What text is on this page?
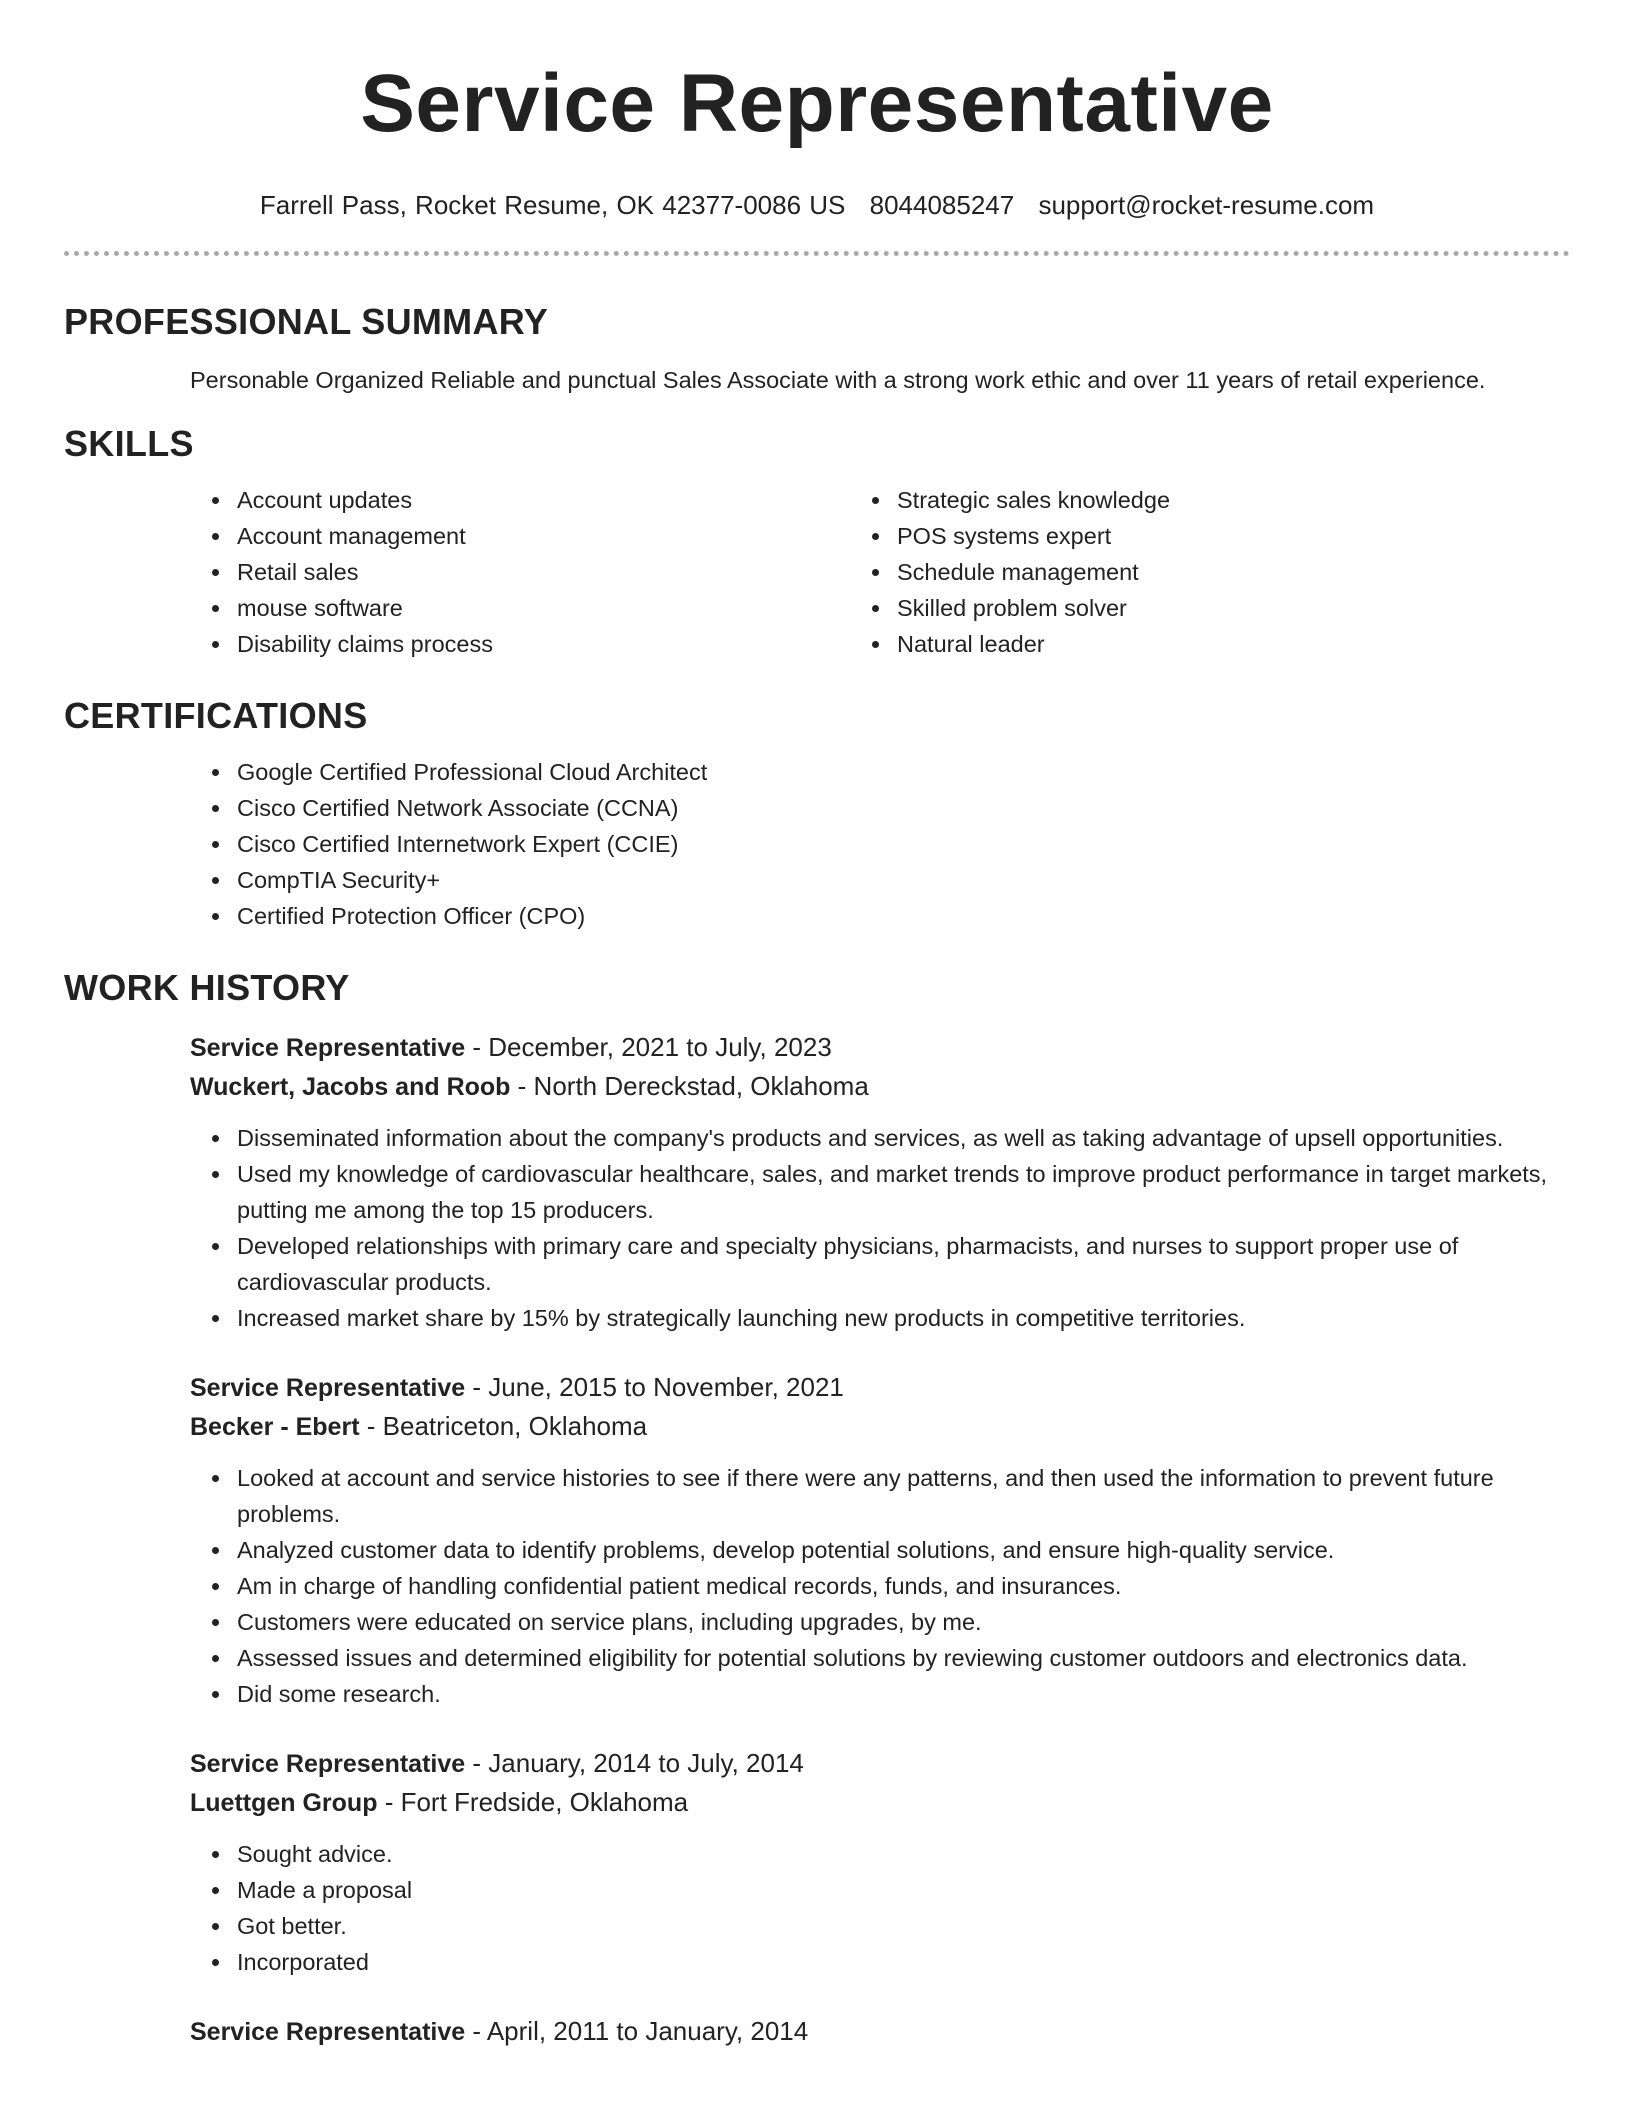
Service Representative
Farrell Pass, Rocket Resume, OK 42377-0086 US 8044085247 support@rocket-resume.com
PROFESSIONAL SUMMARY

Personable Organized Reliable and punctual Sales Associate with a strong work ethic and over 11 years of retail experience.

SKILLS
• Account updates
• Account management
• Retail sales
• mouse software
• Disability claims process
• Strategic sales knowledge
• POS systems expert
• Schedule management
• Skilled problem solver
• Natural leader
CERTIFICATIONS
• Google Certified Professional Cloud Architect
• Cisco Certified Network Associate (CCNA)
• Cisco Certified Internetwork Expert (CCIE)
• CompTIA Security+
• Certified Protection Officer (CPO)
WORK HISTORY
Service Representative - December, 2021 to July, 2023
Wuckert, Jacobs and Roob - North Dereckstad, Oklahoma
• Disseminated information about the company's products and services, as well as taking advantage of upsell opportunities.
• Used my knowledge of cardiovascular healthcare, sales, and market trends to improve product performance in target markets, putting me among the top 15 producers.
• Developed relationships with primary care and specialty physicians, pharmacists, and nurses to support proper use of cardiovascular products.
• Increased market share by 15% by strategically launching new products in competitive territories.
Service Representative - June, 2015 to November, 2021
Becker - Ebert - Beatriceton, Oklahoma
• Looked at account and service histories to see if there were any patterns, and then used the information to prevent future problems.
• Analyzed customer data to identify problems, develop potential solutions, and ensure high-quality service.
• Am in charge of handling confidential patient medical records, funds, and insurances.
• Customers were educated on service plans, including upgrades, by me.
• Assessed issues and determined eligibility for potential solutions by reviewing customer outdoors and electronics data.
• Did some research.
Service Representative - January, 2014 to July, 2014
Luettgen Group - Fort Fredside, Oklahoma
• Sought advice.
• Made a proposal
• Got better.
• Incorporated
Service Representative - April, 2011 to January, 2014
